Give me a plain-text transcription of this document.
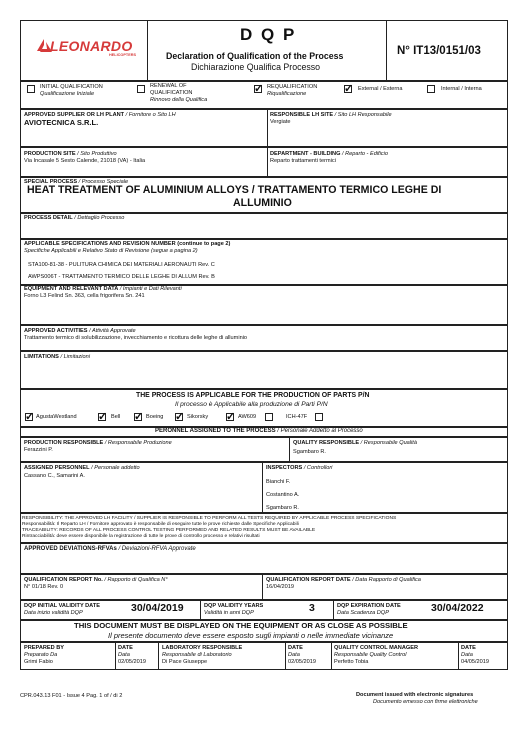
LEONARDO
HELICOPTERS
D Q P
Declaration of Qualification of the Process
Dichiarazione Qualifica Processo
N° IT13/0151/03
INITIAL QUALIFICATION
Qualificazione Iniziale
RENEWAL OF
QUALIFICATION
Rinnovo della Qualifica
✓ REQUALIFICATION
Riqualificazione	✓ External / Esterna	Internal / Interna
APPROVED SUPPLIER OR LH PLANT / Fornitore o Sito LH
AVIOTECNICA S.R.L.
RESPONSIBLE LH SITE / Sito LH Responsabile
Vergiate
PRODUCTION SITE / Sito Produttivo
Via Incasale 5 Sesto Calende, 21018 (VA) - Italia
DEPARTMENT - BUILDING / Reparto - Edificio
Reparto trattamenti termici
SPECIAL PROCESS / Processo Speciale
HEAT TREATMENT OF ALUMINIUM ALLOYS / TRATTAMENTO TERMICO LEGHE DI
ALLUMINIO
PROCESS DETAIL / Dettaglio Processo
APPLICABLE SPECIFICATIONS AND REVISION NUMBER (continue to page 2)
Specifiche Applicabili e Relativo Stato di Revisione (segue a pagina 2)
STA100-81-38 - PULITURA CHIMICA DEI MATERIALI AERONAUTI Rev. C
AWPS006T - TRATTAMENTO TERMICO DELLE LEGHE DI ALLUM Rev. B
EQUIPMENT AND RELEVANT DATA / Impianti e Dati Rilevanti
Forno L3 Felind Sn. 363, cella frigorifera Sn. 241
APPROVED ACTIVITIES / Attività Approvate
Trattamento termico di solubilizzazione, invecchiamento e ricottura delle leghe di alluminio
LIMITATIONS / Limitazioni
THE PROCESS IS APPLICABLE FOR THE PRODUCTION OF PARTS P/N
Il processo è Applicabile alla produzione di Parti P/N
✓ AgustaWestland ✓ Bell ✓ Boeing ✓ Sikorsky ✓ AW609	ICH-47F
PERONNEL ASSIGNED TO THE PROCESS / Personale Addetto al Processo
PRODUCTION RESPONSIBLE / Responsabile Produzione
Ferazzini P.
QUALITY RESPONSIBLE / Responsabile Qualità
Sgambaro R.
ASSIGNED PERSONNEL / Personale addetto
Cassano C., Samarini A.
INSPECTORS / Controllori
Bianchi F.
Costantino A.
Sgambaro R.
RESPONSIBILITY: THE APPROVED LH FACILITY / SUPPLIER IS RESPONSIBLE TO PERFORM ALL TESTS REQUIRED BY APPLICABLE PROCESS SPECIFICATIONS
Responsabilità: Il Reparto LH / Fornitore approvato è responsabile di eseguire tutte le prove richieste dalle Specifiche Applicabili
TRACEABILITY: RECORDS OF ALL PROCESS CONTROL TESTING PERFORMED AND RELATED RESULTS MUST BE AVAILABLE
Rintracciabilità: deve essere disponibile la registrazione di tutte le prove di controllo processo e relativi risultati
APPROVED DEVIATIONS-RFVAs / Deviazioni-RFVA Approvate
QUALIFICATION REPORT No. / Rapporto di Qualifica N°
N° 01/18 Rev. 0
QUALIFICATION REPORT DATE / Data Rapporto di Qualifica
16/04/2019
DQP INITIAL VALIDITY DATE
Data inizio validità DQP	30/04/2019	DQP VALIDITY YEARS
Validità in anni DQP	3	DQP EXPIRATION DATE
Data Scadenza DQP	30/04/2022
THIS DOCUMENT MUST BE DISPLAYED ON THE EQUIPMENT OR AS CLOSE AS POSSIBLE
Il presente documento deve essere esposto sugli impianti o nelle immediate vicinanze
PREPARED BY
Preparato Da
Grimi Fabio
DATE
Data
02/05/2019
LABORATORY RESPONSIBLE
Responsabile di Laboratorio
Di Pace Giuseppe
DATE
Data
02/05/2019
QUALITY CONTROL MANAGER
Responsabile Quality Control
Perfetto Tobia
DATE
Data
04/05/2019
CPR.043.13 F01 - Issue 4 Pag. 1 of / di 2	Document issued with electronic signatures
Documento emesso con firme elettroniche
